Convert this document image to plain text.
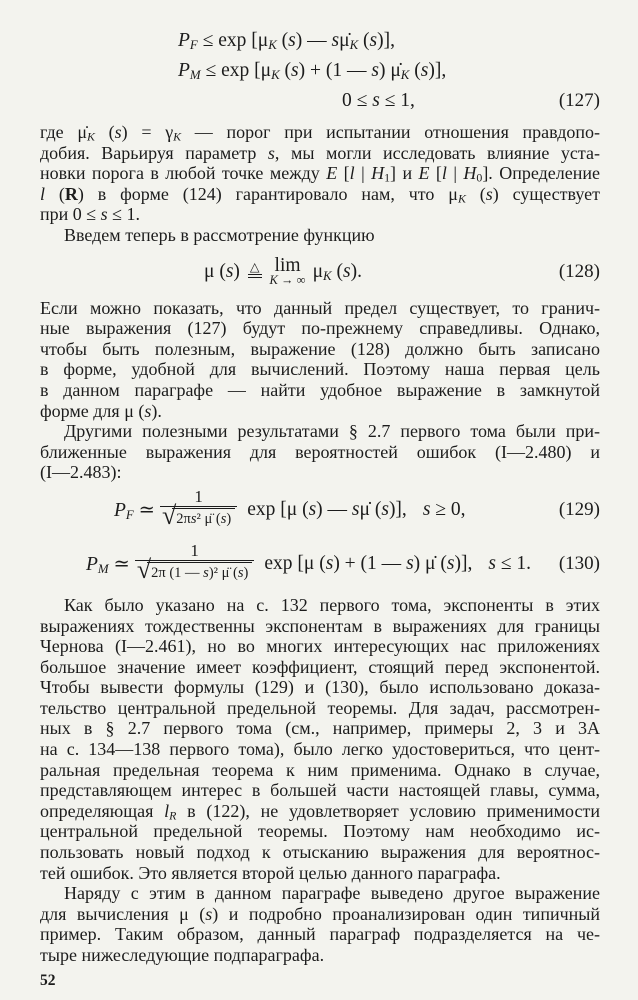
PF ≤ exp [μK (s) — sμ̇K (s)],
PM ≤ exp [μK (s) + (1 — s) μ̇K (s)],
0 ≤ s ≤ 1,	(127)

где μ̇K (s) = γK — порог при испытании отношения правдопо-
добия. Варьируя параметр s, мы могли исследовать влияние уста-
новки порога в любой точке между E [l | H1] и E [l | H0]. Определение
l (R) в форме (124) гарантировало нам, что μK (s) существует
при 0 ≤ s ≤ 1.

Введем теперь в рассмотрение функцию

μ (s) △ lim
K → ∞ μK (s).	(128)

Если можно показать, что данный предел существует, то гранич-
ные выражения (127) будут по-прежнему справедливы. Однако,
чтобы быть полезным, выражение (128) должно быть записано
в форме, удобной для вычислений. Поэтому наша первая цель
в данном параграфе — найти удобное выражение в замкнутой
форме для μ (s).

Другими полезными результатами § 2.7 первого тома были при-
ближенные выражения для вероятностей ошибок (I—2.480) и
(I—2.483):

PF ≃ $\frac{1}{\text{√ 2πs² μ̈ (s)}}$ exp [μ (s) — sμ̇ (s)], s ≥ 0,	(129)
PM ≃ $\frac{1}{\text{√ 2π (1 — s)² μ̈ (s)}}$ exp [μ (s) + (1 — s) μ̇ (s)], s ≤ 1. (130)

Как было указано на с. 132 первого тома, экспоненты в этих
выражениях тождественны экспонентам в выражениях для границы
Чернова (I—2.461), но во многих интересующих нас приложениях
большое значение имеет коэффициент, стоящий перед экспонентой.
Чтобы вывести формулы (129) и (130), было использовано доказа-
тельство центральной предельной теоремы. Для задач, рассмотрен-
ных в § 2.7 первого тома (см., например, примеры 2, 3 и 3А
на с. 134—138 первого тома), было легко удостовериться, что цент-
ральная предельная теорема к ним применима. Однако в случае,
представляющем интерес в большей части настоящей главы, сумма,
определяющая lR в (122), не удовлетворяет условию применимости
центральной предельной теоремы. Поэтому нам необходимо ис-
пользовать новый подход к отысканию выражения для вероятнос-
тей ошибок. Это является второй целью данного параграфа.

Наряду с этим в данном параграфе выведено другое выражение
для вычисления μ (s) и подробно проанализирован один типичный
пример. Таким образом, данный параграф подразделяется на че-
тыре нижеследующие подпараграфа.

52
